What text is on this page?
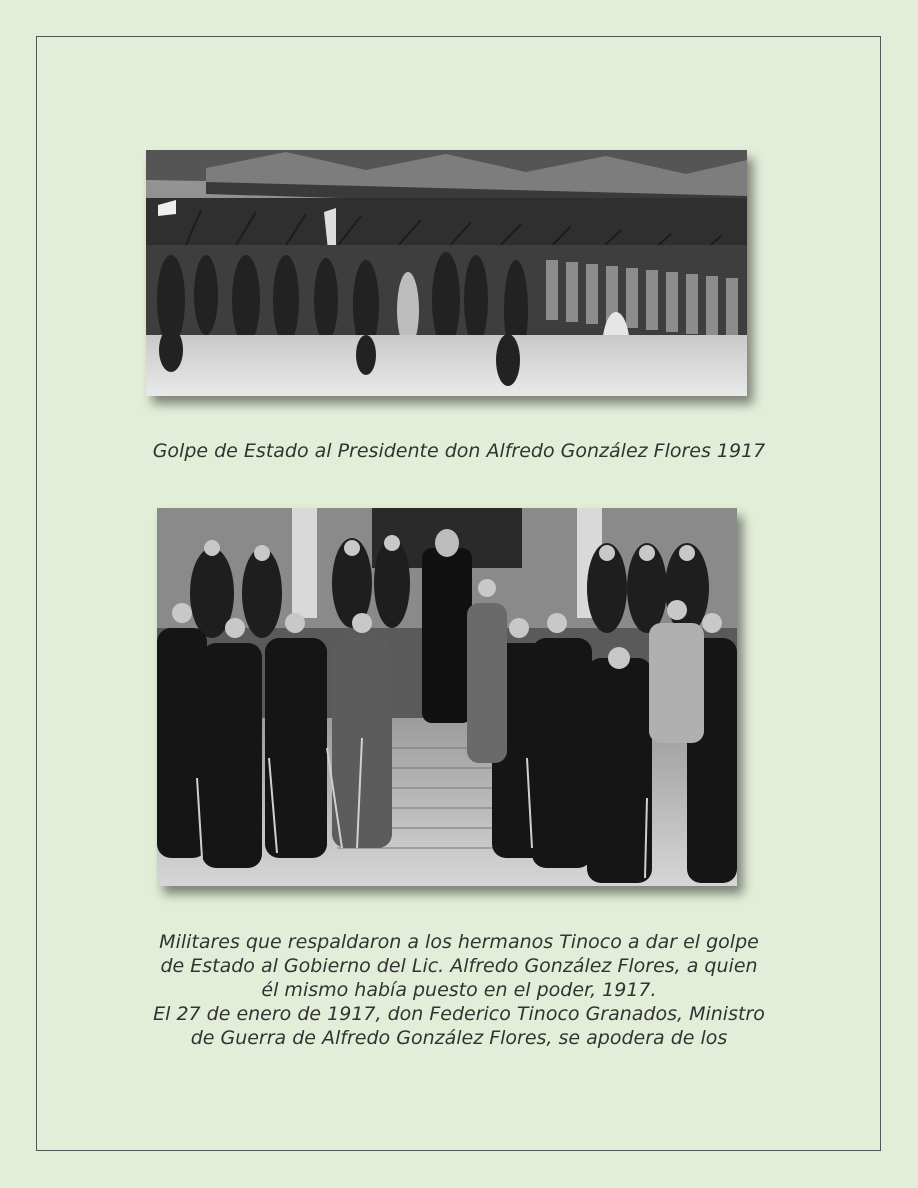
Golpe de Estado al Presidente don Alfredo González Flores 1917
Militares que respaldaron a los hermanos Tinoco a dar el golpe
de Estado al Gobierno del Lic. Alfredo González Flores, a quien
él mismo había puesto en el poder, 1917.
El 27 de enero de 1917, don Federico Tinoco Granados, Ministro
de Guerra de Alfredo González Flores, se apodera de los
